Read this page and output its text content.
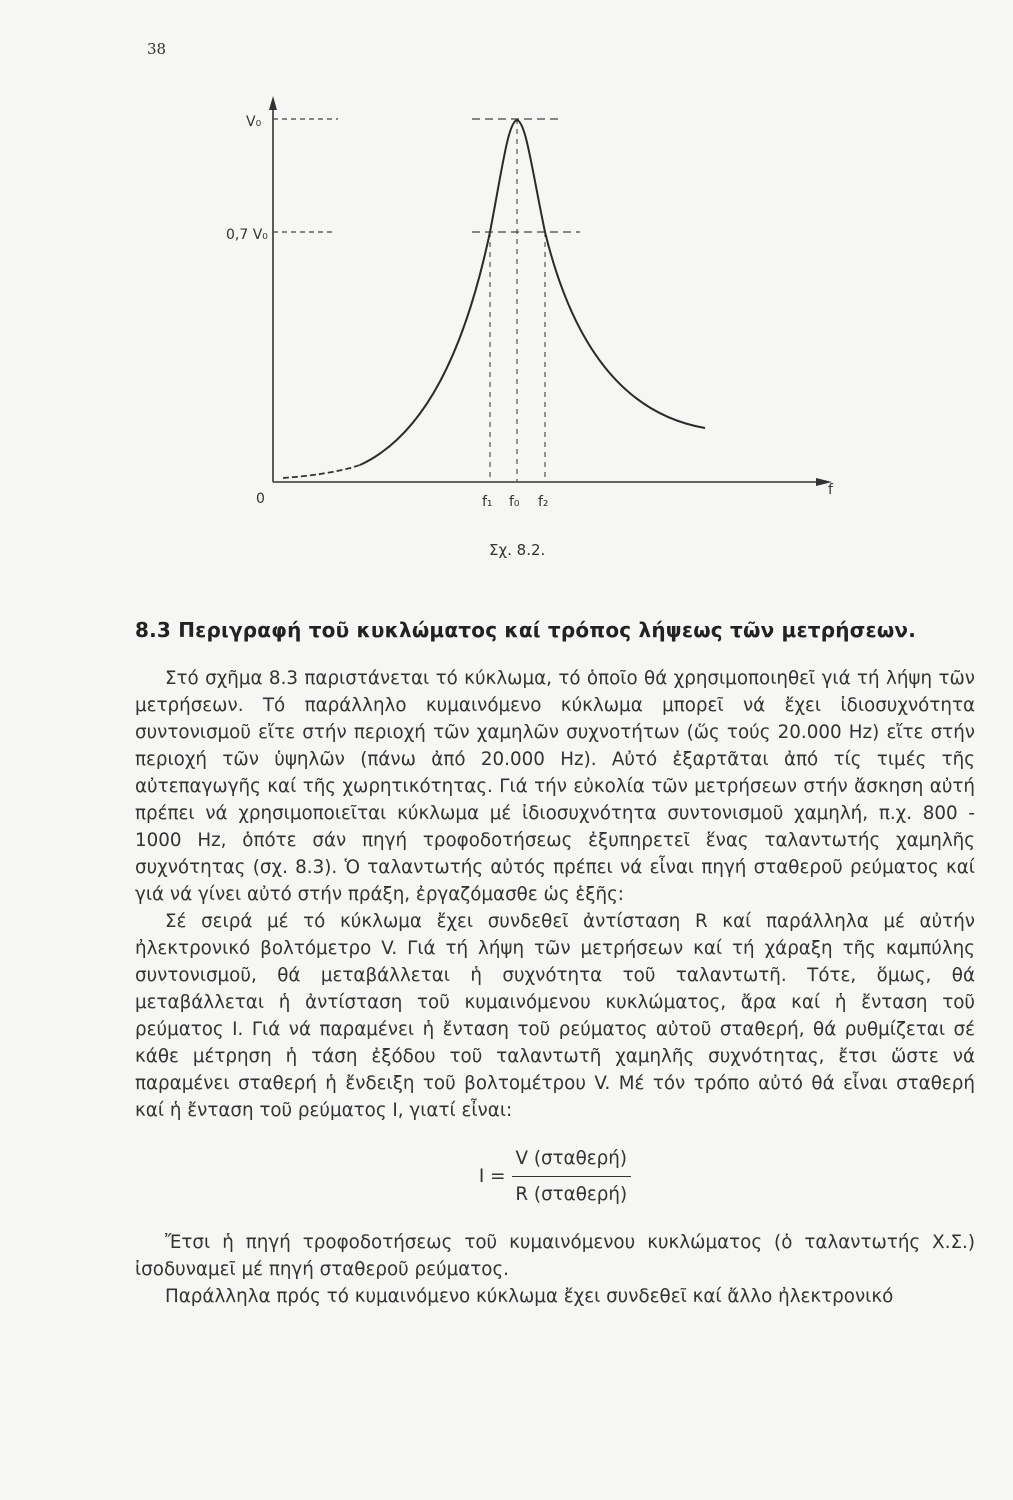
38
V₀
0,7 V₀
0	f₁ f₀ f₂
f
Σχ. 8.2.
8.3 Περιγραφή τοῦ κυκλώματος καί τρόπος λήψεως τῶν μετρήσεων.

Στό σχῆμα 8.3 παριστάνεται τό κύκλωμα, τό ὁποῖο θά χρησιμοποιηθεῖ γιά τή λήψη τῶν μετρήσεων. Τό παράλληλο κυμαινόμενο κύκλωμα μπορεῖ νά ἔχει ἰδιοσυχνότητα συντονισμοῦ εἴτε στήν περιοχή τῶν χαμηλῶν συχνοτήτων (ὥς τούς 20.000 Hz) εἴτε στήν περιοχή τῶν ὑψηλῶν (πάνω ἀπό 20.000 Hz). Αὐτό ἐξαρτᾶται ἀπό τίς τιμές τῆς αὐτεπαγωγῆς καί τῆς χωρητικότητας. Γιά τήν εὐκολία τῶν μετρήσεων στήν ἄσκηση αὐτή πρέπει νά χρησιμοποιεῖται κύκλωμα μέ ἰδιοσυχνότητα συντονισμοῦ χαμηλή, π.χ. 800 - 1000 Hz, ὁπότε σάν πηγή τροφοδοτήσεως ἐξυπηρετεῖ ἕνας ταλαντωτής χαμηλῆς συχνότητας (σχ. 8.3). Ὁ ταλαντωτής αὐτός πρέπει νά εἶναι πηγή σταθεροῦ ρεύματος καί γιά νά γίνει αὐτό στήν πράξη, ἐργαζόμασθε ὡς ἑξῆς:

Σέ σειρά μέ τό κύκλωμα ἔχει συνδεθεῖ ἀντίσταση R καί παράλληλα μέ αὐτήν ἠλεκτρονικό βολτόμετρο V. Γιά τή λήψη τῶν μετρήσεων καί τή χάραξη τῆς καμπύλης συντονισμοῦ, θά μεταβάλλεται ἡ συχνότητα τοῦ ταλαντωτῆ. Τότε, ὅμως, θά μεταβάλλεται ἡ ἀντίσταση τοῦ κυμαινόμενου κυκλώματος, ἄρα καί ἡ ἔνταση τοῦ ρεύματος I. Γιά νά παραμένει ἡ ἔνταση τοῦ ρεύματος αὐτοῦ σταθερή, θά ρυθμίζεται σέ κάθε μέτρηση ἡ τάση ἐξόδου τοῦ ταλαντωτῆ χαμηλῆς συχνότητας, ἔτσι ὥστε νά παραμένει σταθερή ἡ ἔνδειξη τοῦ βολτομέτρου V. Μέ τόν τρόπο αὐτό θά εἶναι σταθερή καί ἡ ἔνταση τοῦ ρεύματος I, γιατί εἶναι:

$I = \frac{\text{V (σταθερή)}}{\text{R (σταθερή)}}$

Ἔτσι ἡ πηγή τροφοδοτήσεως τοῦ κυμαινόμενου κυκλώματος (ὁ ταλαντωτής Χ.Σ.) ἰσοδυναμεῖ μέ πηγή σταθεροῦ ρεύματος.

Παράλληλα πρός τό κυμαινόμενο κύκλωμα ἔχει συνδεθεῖ καί ἄλλο ἠλεκτρονικό
